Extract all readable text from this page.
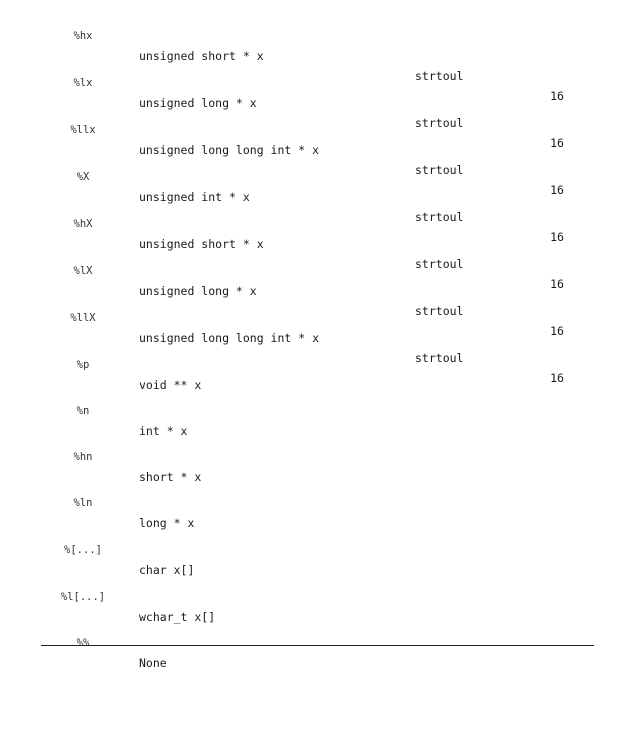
%hx

unsigned short * x

strtoul

16

%lx

unsigned long * x

strtoul

16

%llx

unsigned long long int * x

strtoul

16

%X

unsigned int * x

strtoul

16

%hX

unsigned short * x

strtoul

16

%lX

unsigned long * x

strtoul

16

%llX

unsigned long long int * x

strtoul

16

%p

void ** x

%n

int * x

%hn

short * x

%ln

long * x

%[...]

char x[]

%l[...]

wchar_t x[]

%%

None
